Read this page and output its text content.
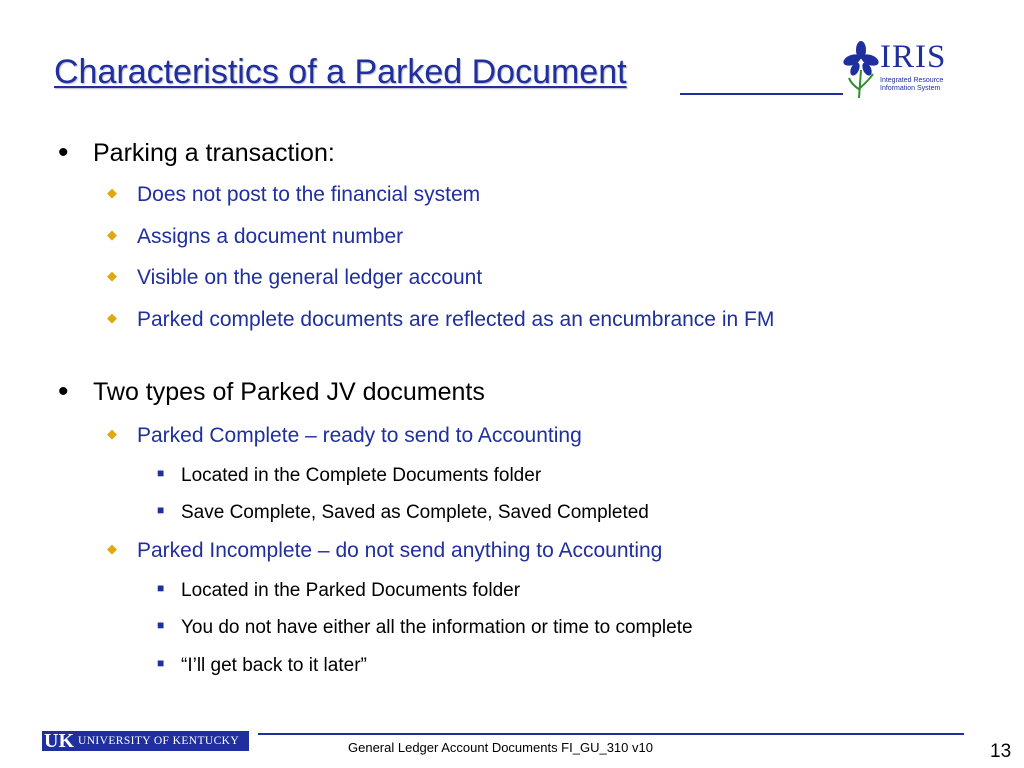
Characteristics of a Parked Document	IRIS
Integrated Resource Information System
• Parking a transaction:
◆ Does not post to the financial system
◆ Assigns a document number
◆ Visible on the general ledger account
◆ Parked complete documents are reflected as an encumbrance in FM
• Two types of Parked JV documents
◆ Parked Complete – ready to send to Accounting
■ Located in the Complete Documents folder
■ Save Complete, Saved as Complete, Saved Completed
◆ Parked Incomplete – do not send anything to Accounting
■ Located in the Parked Documents folder
■ You do not have either all the information or time to complete
■ “I’ll get back to it later”
UK UNIVERSITY OF KENTUCKY	General Ledger Account Documents FI_GU_310 v10	13
